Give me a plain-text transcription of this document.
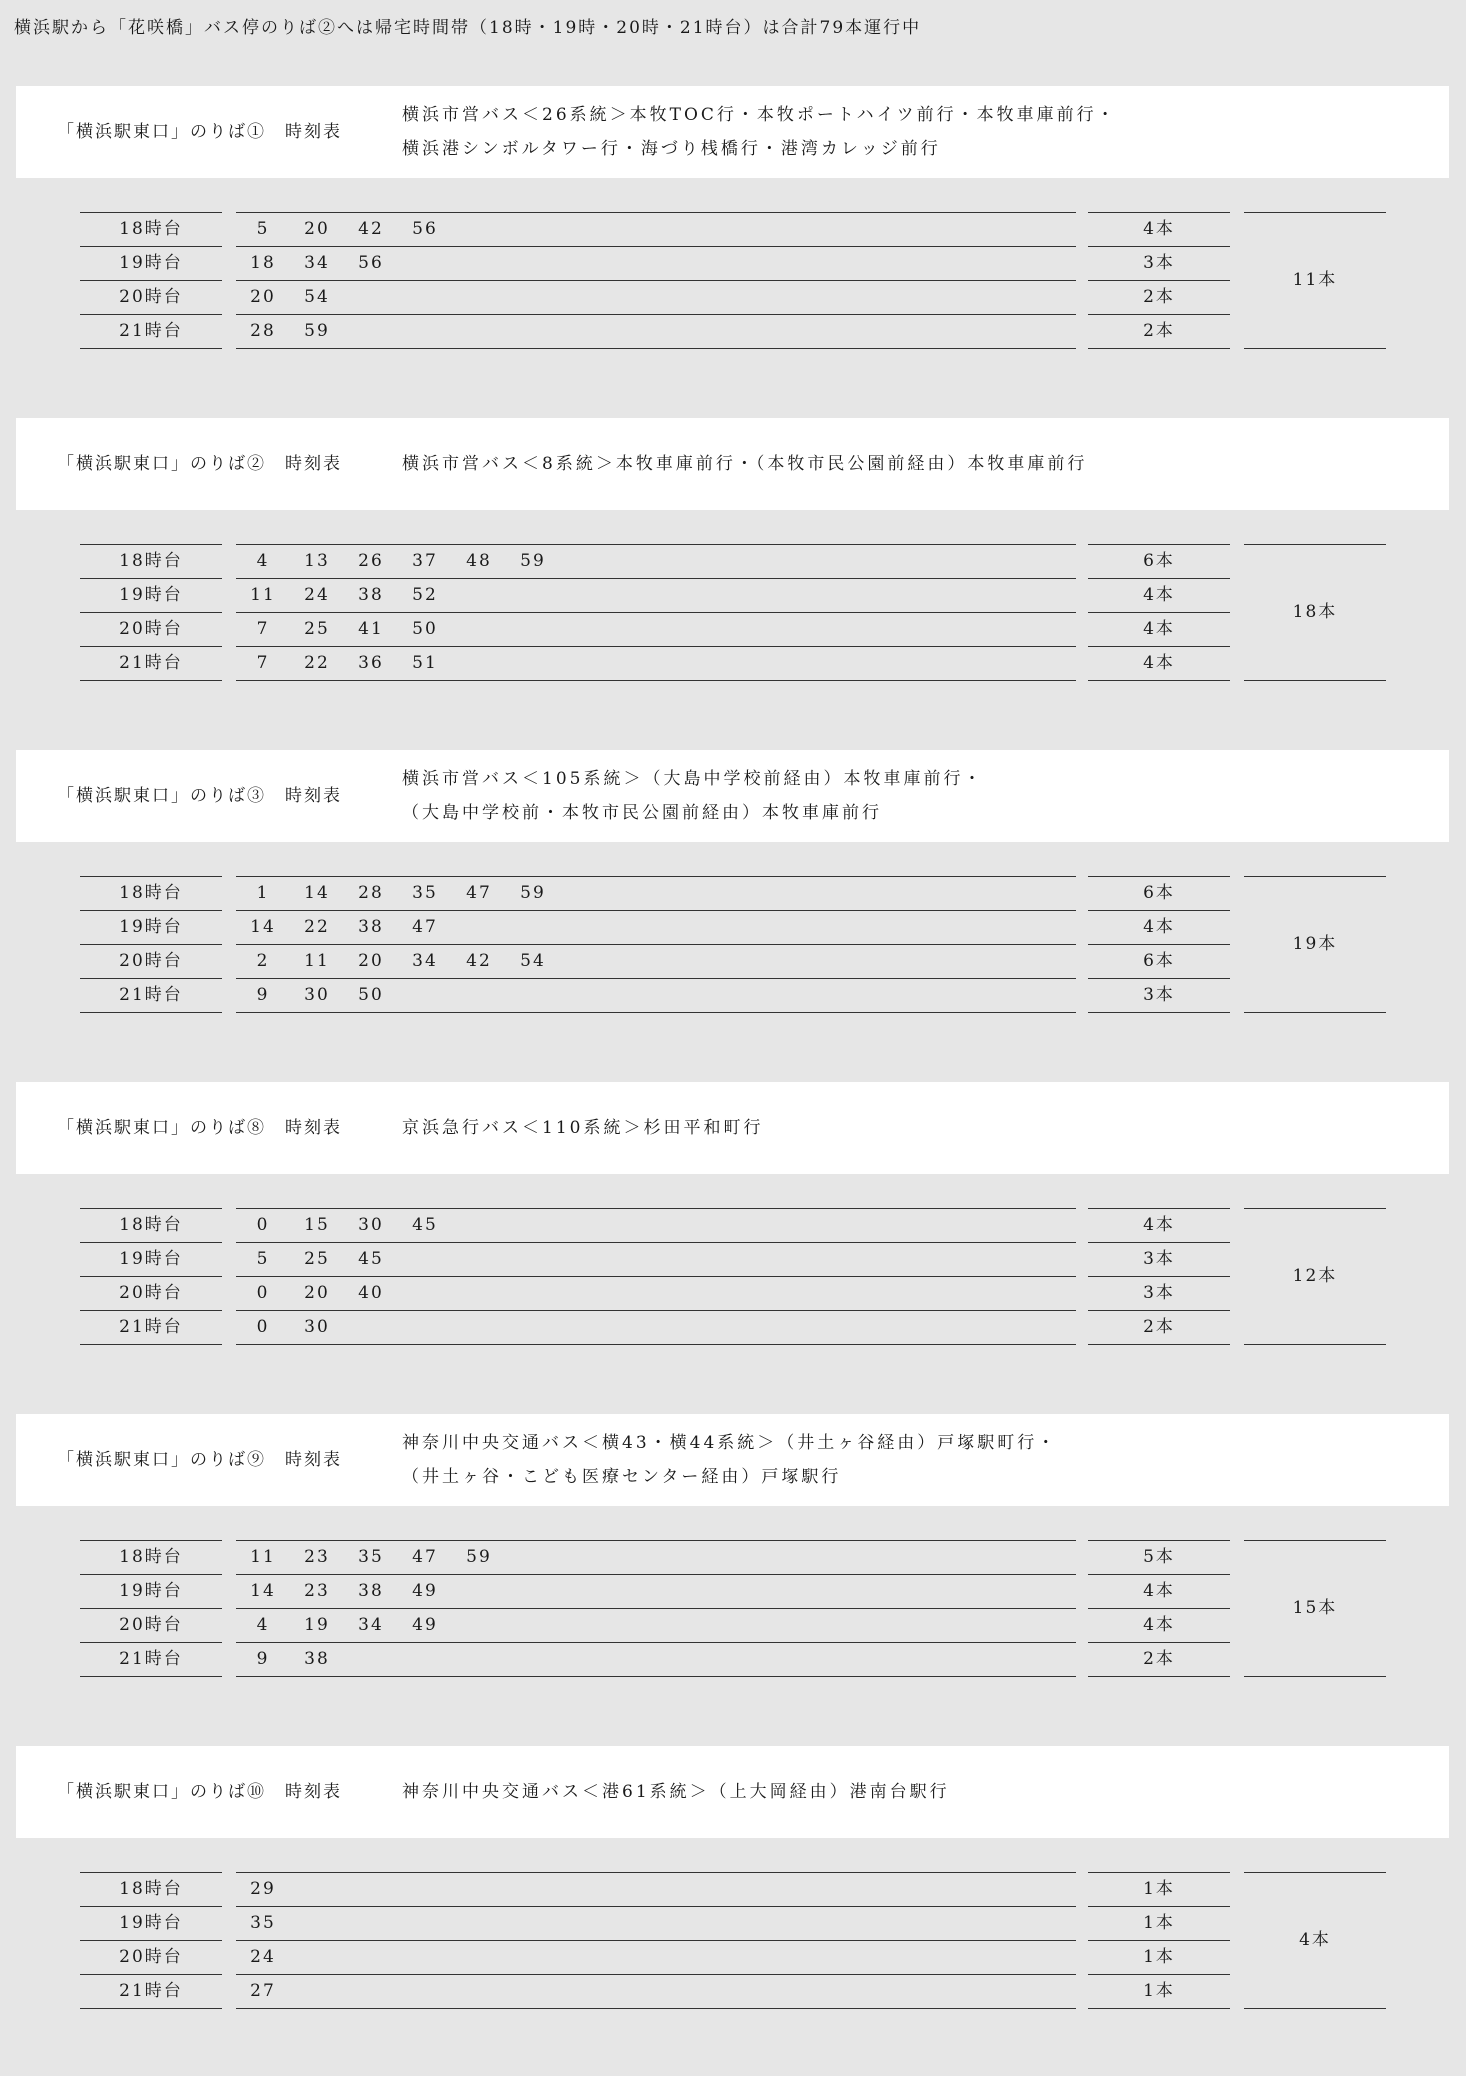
横浜駅から「花咲橋」バス停のりば②へは帰宅時間帯（18時・19時・20時・21時台）は合計79本運行中
「横浜駅東口」のりば①　時刻表
横浜市営バス＜26系統＞本牧TOC行・本牧ポートハイツ前行・本牧車庫前行・
横浜港シンボルタワー行・海づり桟橋行・港湾カレッジ前行
18時台	5 20 42 56	4本
19時台	18 34 56	3本
20時台	20 54	2本
21時台	28 59	2本
11本
「横浜駅東口」のりば②　時刻表	横浜市営バス＜8系統＞本牧車庫前行・（本牧市民公園前経由）本牧車庫前行
18時台	4 13 26 37 48 59	6本
19時台	11 24 38 52	4本
20時台	7 25 41 50	4本
21時台	7 22 36 51	4本
18本
「横浜駅東口」のりば③　時刻表
横浜市営バス＜105系統＞（大島中学校前経由）本牧車庫前行・
（大島中学校前・本牧市民公園前経由）本牧車庫前行
18時台	1 14 28 35 47 59	6本
19時台	14 22 38 47	4本
20時台	2 11 20 34 42 54	6本
21時台	9 30 50	3本
19本
「横浜駅東口」のりば⑧　時刻表	京浜急行バス＜110系統＞杉田平和町行
18時台	0 15 30 45	4本
19時台	5 25 45	3本
20時台	0 20 40	3本
21時台	0 30	2本
12本
「横浜駅東口」のりば⑨　時刻表
神奈川中央交通バス＜横43・横44系統＞（井土ヶ谷経由）戸塚駅町行・
（井土ヶ谷・こども医療センター経由）戸塚駅行
18時台	11 23 35 47 59	5本
19時台	14 23 38 49	4本
20時台	4 19 34 49	4本
21時台	9 38	2本
15本
「横浜駅東口」のりば⑩　時刻表	神奈川中央交通バス＜港61系統＞（上大岡経由）港南台駅行
18時台	29	1本
19時台	35	1本
20時台	24	1本
21時台	27	1本
4本
